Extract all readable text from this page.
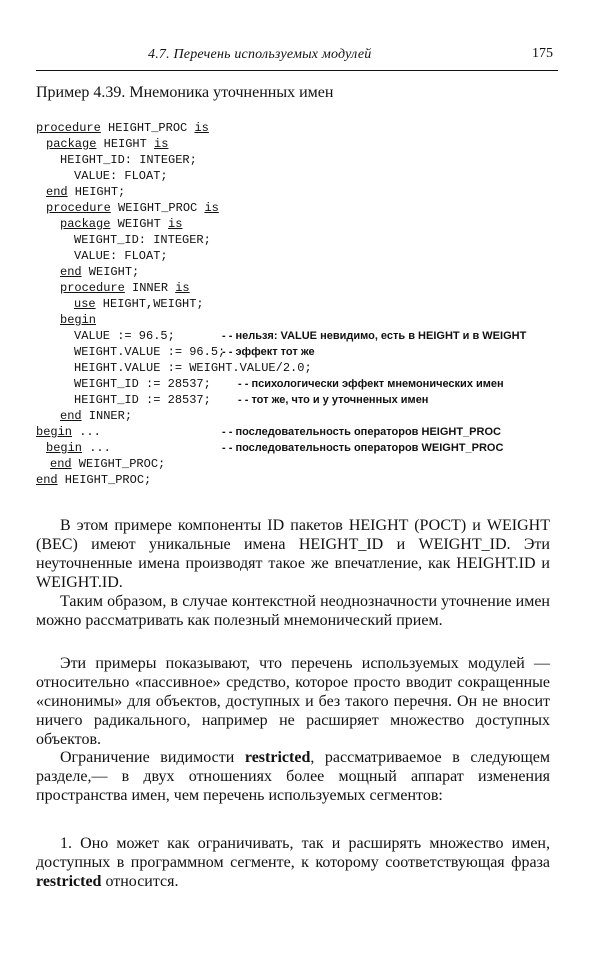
4.7. Перечень используемых модулей	175
Пример 4.39. Мнемоника уточненных имен
procedure HEIGHT_PROC is
package HEIGHT is
HEIGHT_ID: INTEGER;
VALUE: FLOAT;
end HEIGHT;
procedure WEIGHT_PROC is
package WEIGHT is
WEIGHT_ID: INTEGER;
VALUE: FLOAT;
end WEIGHT;
procedure INNER is
use HEIGHT,WEIGHT;
begin
VALUE := 96.5;	- - нельзя: VALUE невидимо, есть в HEIGHT и в WEIGHT
WEIGHT.VALUE := 96.5;
- - эффект тот же
HEIGHT.VALUE := WEIGHT.VALUE/2.0;
WEIGHT_ID := 28537; - - психологически эффект мнемонических имен
HEIGHT_ID := 28537; - - тот же, что и у уточненных имен
end INNER;
begin ...	- - последовательность операторов HEIGHT_PROC
begin ...	- - последовательность операторов WEIGHT_PROC
end WEIGHT_PROC;
end HEIGHT_PROC;

В этом примере компоненты ID пакетов HEIGHT (РОСТ) и WEIGHT (ВЕС) имеют уникальные имена HEIGHT_ID и WEIGHT_ID. Эти неуточненные имена производят такое же впечатление, как HEIGHT.ID и WEIGHT.ID.

Таким образом, в случае контекстной неоднозначности уточнение имен можно рассматривать как полезный мнемонический прием.

Эти примеры показывают, что перечень используемых модулей — относительно «пассивное» средство, которое просто вводит сокращенные «синонимы» для объектов, доступных и без такого перечня. Он не вносит ничего радикального, например не расширяет множество доступных объектов.

Ограничение видимости restricted, рассматриваемое в следующем разделе,— в двух отношениях более мощный аппарат изменения пространства имен, чем перечень используемых сегментов:

1. Оно может как ограничивать, так и расширять множество имен, доступных в программном сегменте, к которому соответствующая фраза restricted относится.
